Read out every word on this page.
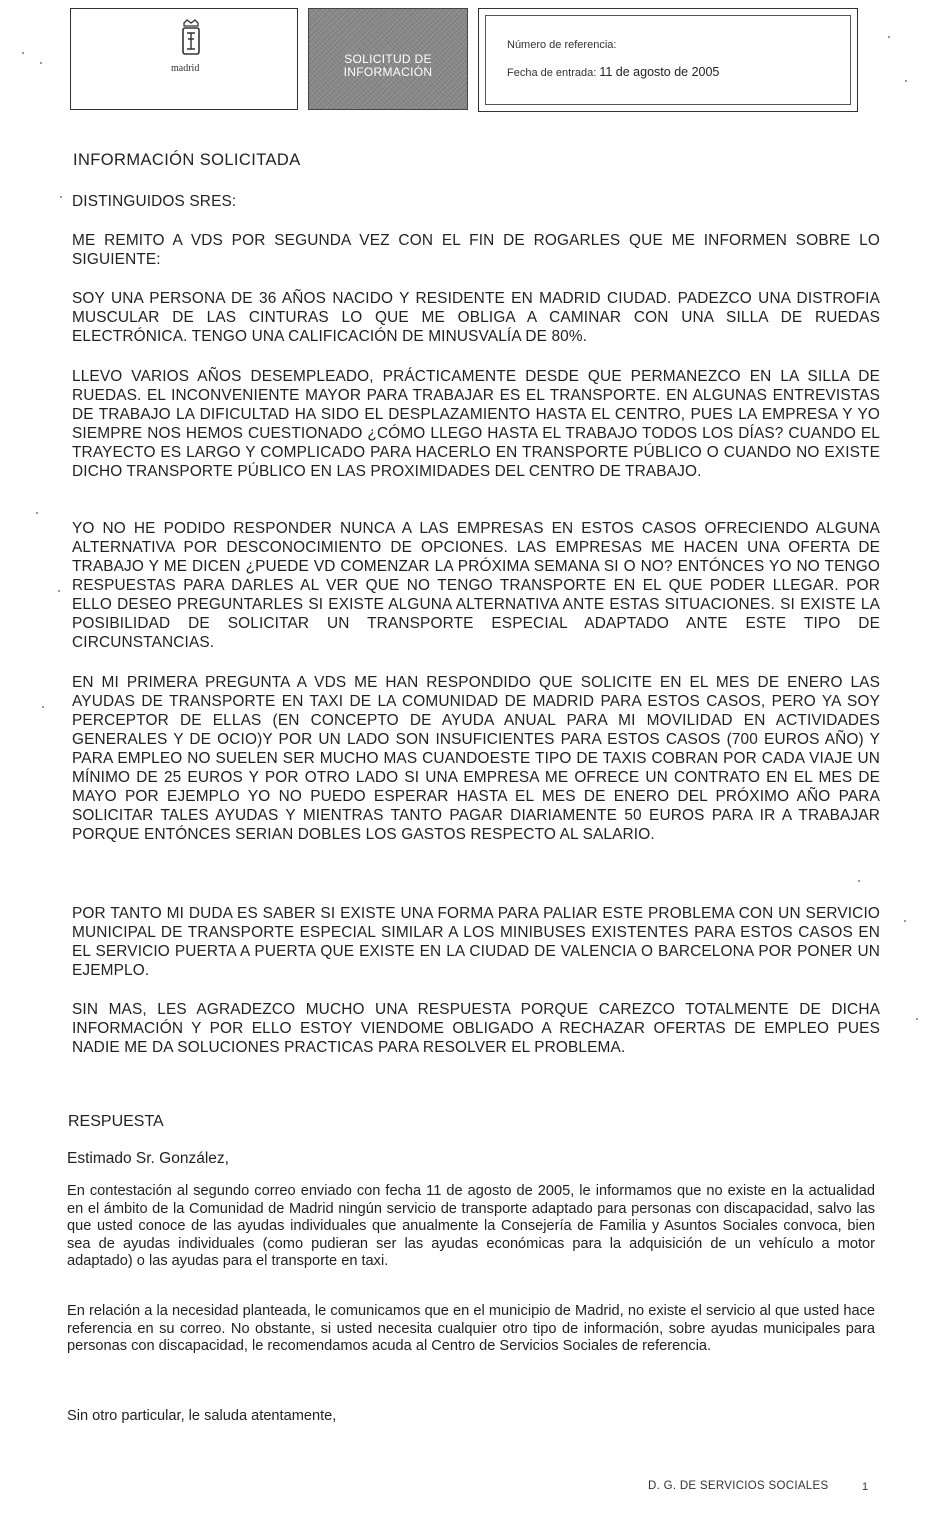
madrid
SOLICITUD DE
INFORMACIÓN
Número de referencia:
Fecha de entrada: 11 de agosto de 2005
INFORMACIÓN SOLICITADA

DISTINGUIDOS SRES:

ME REMITO A VDS POR SEGUNDA VEZ CON EL FIN DE ROGARLES QUE ME INFORMEN SOBRE LO SIGUIENTE:

SOY UNA PERSONA DE 36 AÑOS NACIDO Y RESIDENTE EN MADRID CIUDAD. PADEZCO UNA DISTROFIA MUSCULAR DE LAS CINTURAS LO QUE ME OBLIGA A CAMINAR CON UNA SILLA DE RUEDAS ELECTRÓNICA. TENGO UNA CALIFICACIÓN DE MINUSVALÍA DE 80%.

LLEVO VARIOS AÑOS DESEMPLEADO, PRÁCTICAMENTE DESDE QUE PERMANEZCO EN LA SILLA DE RUEDAS. EL INCONVENIENTE MAYOR PARA TRABAJAR ES EL TRANSPORTE. EN ALGUNAS ENTREVISTAS DE TRABAJO LA DIFICULTAD HA SIDO EL DESPLAZAMIENTO HASTA EL CENTRO, PUES LA EMPRESA Y YO SIEMPRE NOS HEMOS CUESTIONADO ¿CÓMO LLEGO HASTA EL TRABAJO TODOS LOS DÍAS? CUANDO EL TRAYECTO ES LARGO Y COMPLICADO PARA HACERLO EN TRANSPORTE PÚBLICO O CUANDO NO EXISTE DICHO TRANSPORTE PÚBLICO EN LAS PROXIMIDADES DEL CENTRO DE TRABAJO.

YO NO HE PODIDO RESPONDER NUNCA A LAS EMPRESAS EN ESTOS CASOS OFRECIENDO ALGUNA ALTERNATIVA POR DESCONOCIMIENTO DE OPCIONES. LAS EMPRESAS ME HACEN UNA OFERTA DE TRABAJO Y ME DICEN ¿PUEDE VD COMENZAR LA PRÓXIMA SEMANA SI O NO? ENTÓNCES YO NO TENGO RESPUESTAS PARA DARLES AL VER QUE NO TENGO TRANSPORTE EN EL QUE PODER LLEGAR. POR ELLO DESEO PREGUNTARLES SI EXISTE ALGUNA ALTERNATIVA ANTE ESTAS SITUACIONES. SI EXISTE LA POSIBILIDAD DE SOLICITAR UN TRANSPORTE ESPECIAL ADAPTADO ANTE ESTE TIPO DE CIRCUNSTANCIAS.

EN MI PRIMERA PREGUNTA A VDS ME HAN RESPONDIDO QUE SOLICITE EN EL MES DE ENERO LAS AYUDAS DE TRANSPORTE EN TAXI DE LA COMUNIDAD DE MADRID PARA ESTOS CASOS, PERO YA SOY PERCEPTOR DE ELLAS (EN CONCEPTO DE AYUDA ANUAL PARA MI MOVILIDAD EN ACTIVIDADES GENERALES Y DE OCIO)Y POR UN LADO SON INSUFICIENTES PARA ESTOS CASOS (700 EUROS AÑO) Y PARA EMPLEO NO SUELEN SER MUCHO MAS CUANDOESTE TIPO DE TAXIS COBRAN POR CADA VIAJE UN MÍNIMO DE 25 EUROS Y POR OTRO LADO SI UNA EMPRESA ME OFRECE UN CONTRATO EN EL MES DE MAYO POR EJEMPLO YO NO PUEDO ESPERAR HASTA EL MES DE ENERO DEL PRÓXIMO AÑO PARA SOLICITAR TALES AYUDAS Y MIENTRAS TANTO PAGAR DIARIAMENTE 50 EUROS PARA IR A TRABAJAR PORQUE ENTÓNCES SERIAN DOBLES LOS GASTOS RESPECTO AL SALARIO.

POR TANTO MI DUDA ES SABER SI EXISTE UNA FORMA PARA PALIAR ESTE PROBLEMA CON UN SERVICIO MUNICIPAL DE TRANSPORTE ESPECIAL SIMILAR A LOS MINIBUSES EXISTENTES PARA ESTOS CASOS EN EL SERVICIO PUERTA A PUERTA QUE EXISTE EN LA CIUDAD DE VALENCIA O BARCELONA POR PONER UN EJEMPLO.

SIN MAS, LES AGRADEZCO MUCHO UNA RESPUESTA PORQUE CAREZCO TOTALMENTE DE DICHA INFORMACIÓN Y POR ELLO ESTOY VIENDOME OBLIGADO A RECHAZAR OFERTAS DE EMPLEO PUES NADIE ME DA SOLUCIONES PRACTICAS PARA RESOLVER EL PROBLEMA.

RESPUESTA

Estimado Sr. González,

En contestación al segundo correo enviado con fecha 11 de agosto de 2005, le informamos que no existe en la actualidad en el ámbito de la Comunidad de Madrid ningún servicio de transporte adaptado para personas con discapacidad, salvo las que usted conoce de las ayudas individuales que anualmente la Consejería de Familia y Asuntos Sociales convoca, bien sea de ayudas individuales (como pudieran ser las ayudas económicas para la adquisición de un vehículo a motor adaptado) o las ayudas para el transporte en taxi.

En relación a la necesidad planteada, le comunicamos que en el municipio de Madrid, no existe el servicio al que usted hace referencia en su correo. No obstante, si usted necesita cualquier otro tipo de información, sobre ayudas municipales para personas con discapacidad, le recomendamos acuda al Centro de Servicios Sociales de referencia.

Sin otro particular, le saluda atentamente,

D. G. DE SERVICIOS SOCIALES	1
